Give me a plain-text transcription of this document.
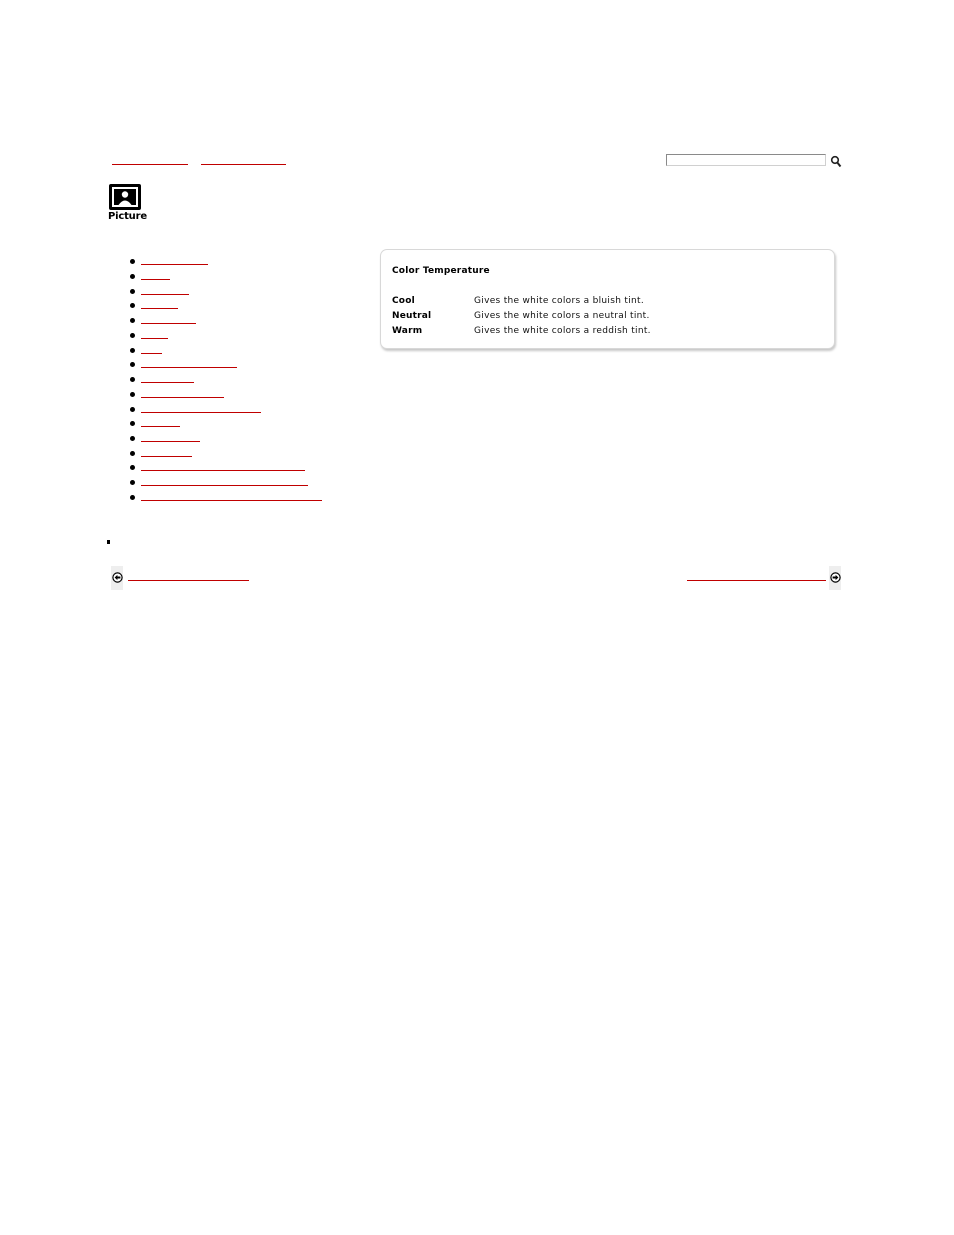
Picture
Color Temperature
Cool	Gives the white colors a bluish tint.
Neutral	Gives the white colors a neutral tint.
Warm	Gives the white colors a reddish tint.
